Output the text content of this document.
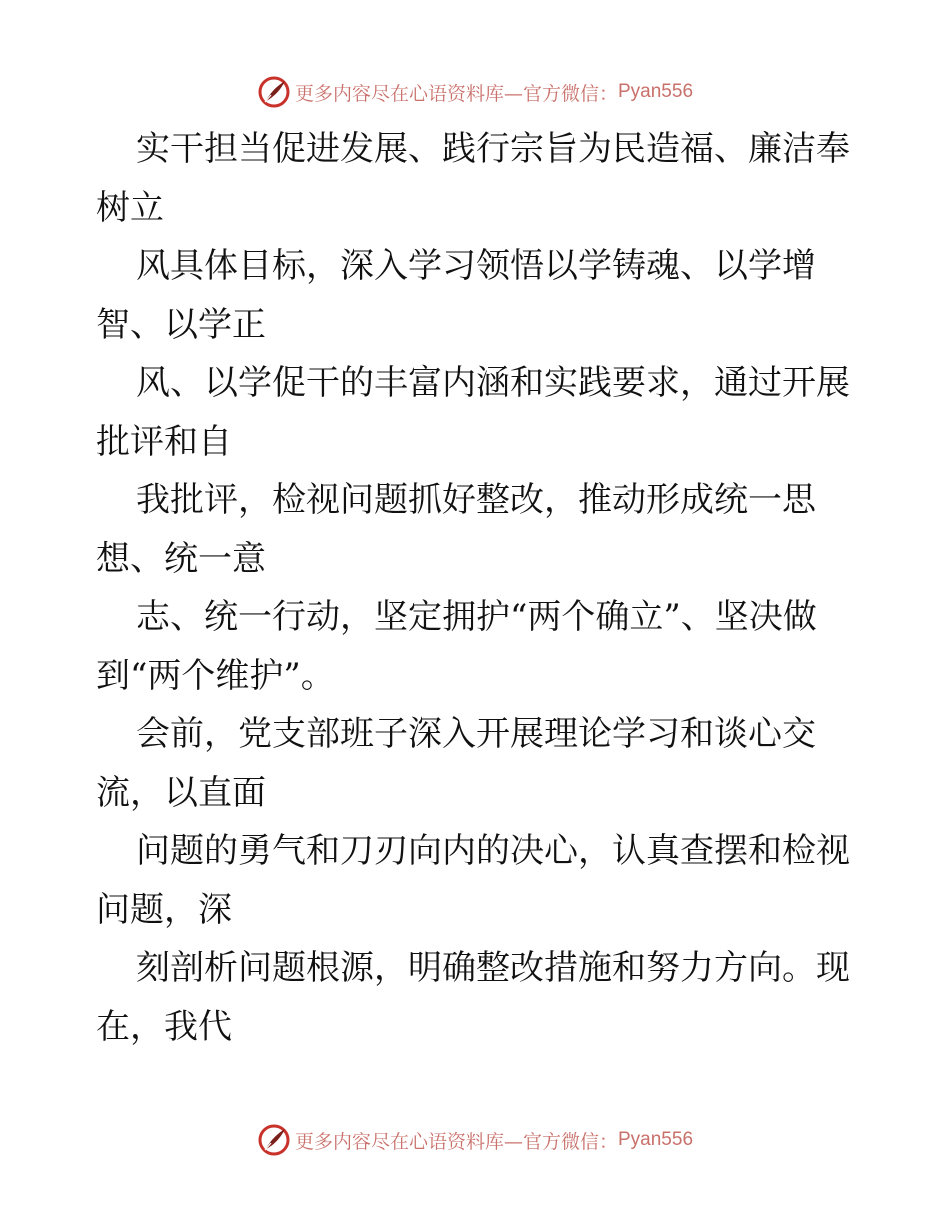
更多内容尽在心语资料库—官方微信： Pyan556
实干担当促进发展、践行宗旨为民造福、廉洁奉
树立
风具体目标，深入学习领悟以学铸魂、以学增
智、以学正
风、以学促干的丰富内涵和实践要求，通过开展
批评和自
我批评，检视问题抓好整改，推动形成统一思
想、统一意
志、统一行动，坚定拥护“两个确立”、坚决做
到“两个维护”。
会前，党支部班子深入开展理论学习和谈心交
流，以直面
问题的勇气和刀刃向内的决心，认真查摆和检视
问题，深
刻剖析问题根源，明确整改措施和努力方向。现
在，我代
更多内容尽在心语资料库—官方微信： Pyan556
